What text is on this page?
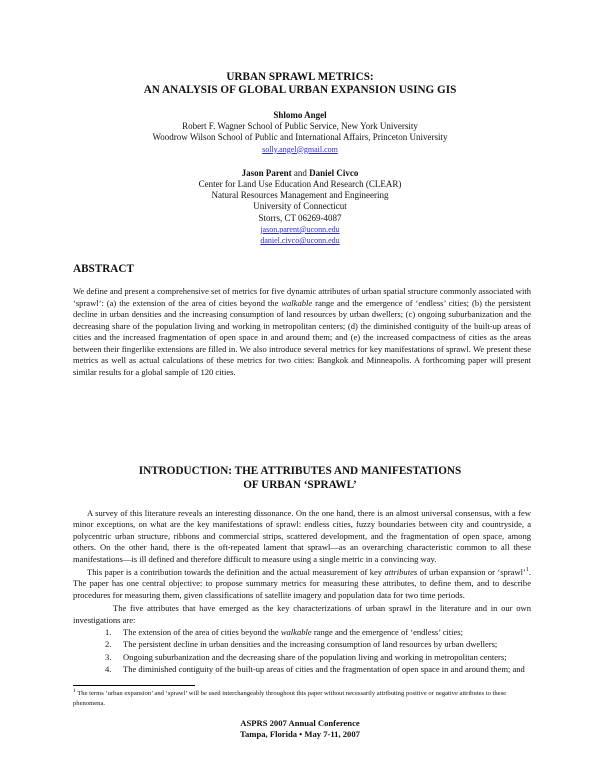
URBAN SPRAWL METRICS:
AN ANALYSIS OF GLOBAL URBAN EXPANSION USING GIS
Shlomo Angel
Robert F. Wagner School of Public Service, New York University
Woodrow Wilson School of Public and International Affairs, Princeton University
solly.angel@gmail.com
Jason Parent and Daniel Civco
Center for Land Use Education And Research (CLEAR)
Natural Resources Management and Engineering
University of Connecticut
Storrs, CT 06269-4087
jason.parent@uconn.edu
daniel.civco@uconn.edu
ABSTRACT

We define and present a comprehensive set of metrics for five dynamic attributes of urban spatial structure commonly associated with ‘sprawl’: (a) the extension of the area of cities beyond the walkable range and the emergence of ‘endless’ cities; (b) the persistent decline in urban densities and the increasing consumption of land resources by urban dwellers; (c) ongoing suburbanization and the decreasing share of the population living and working in metropolitan centers; (d) the diminished contiguity of the built-up areas of cities and the increased fragmentation of open space in and around them; and (e) the increased compactness of cities as the areas between their fingerlike extensions are filled in. We also introduce several metrics for key manifestations of sprawl. We present these metrics as well as actual calculations of these metrics for two cities: Bangkok and Minneapolis. A forthcoming paper will present similar results for a global sample of 120 cities.

INTRODUCTION: THE ATTRIBUTES AND MANIFESTATIONS
OF URBAN ‘SPRAWL’

A survey of this literature reveals an interesting dissonance. On the one hand, there is an almost universal consensus, with a few minor exceptions, on what are the key manifestations of sprawl: endless cities, fuzzy boundaries between city and countryside, a polycentric urban structure, ribbons and commercial strips, scattered development, and the fragmentation of open space, among others. On the other hand, there is the oft-repeated lament that sprawl—as an overarching characteristic common to all these manifestations—is ill defined and therefore difficult to measure using a single metric in a convincing way.

This paper is a contribution towards the definition and the actual measurement of key attributes of urban expansion or ‘sprawl’$^1$. The paper has one central objective: to propose summary metrics for measuring these attributes, to define them, and to describe procedures for measuring them, given classifications of satellite imagery and population data for two time periods.

The five attributes that have emerged as the key characterizations of urban sprawl in the literature and in our own investigations are:

1. The extension of the area of cities beyond the walkable range and the emergence of ‘endless’ cities;
2. The persistent decline in urban densities and the increasing consumption of land resources by urban dwellers;
3. Ongoing suburbanization and the decreasing share of the population living and working in metropolitan centers;
4. The diminished contiguity of the built-up areas of cities and the fragmentation of open space in and around them; and
$^1$ The terms ‘urban expansion’ and ‘sprawl’ will be used interchangeably throughout this paper without necessarily attributing positive or negative attributes to these phenomena.
ASPRS 2007 Annual Conference
Tampa, Florida • May 7-11, 2007
